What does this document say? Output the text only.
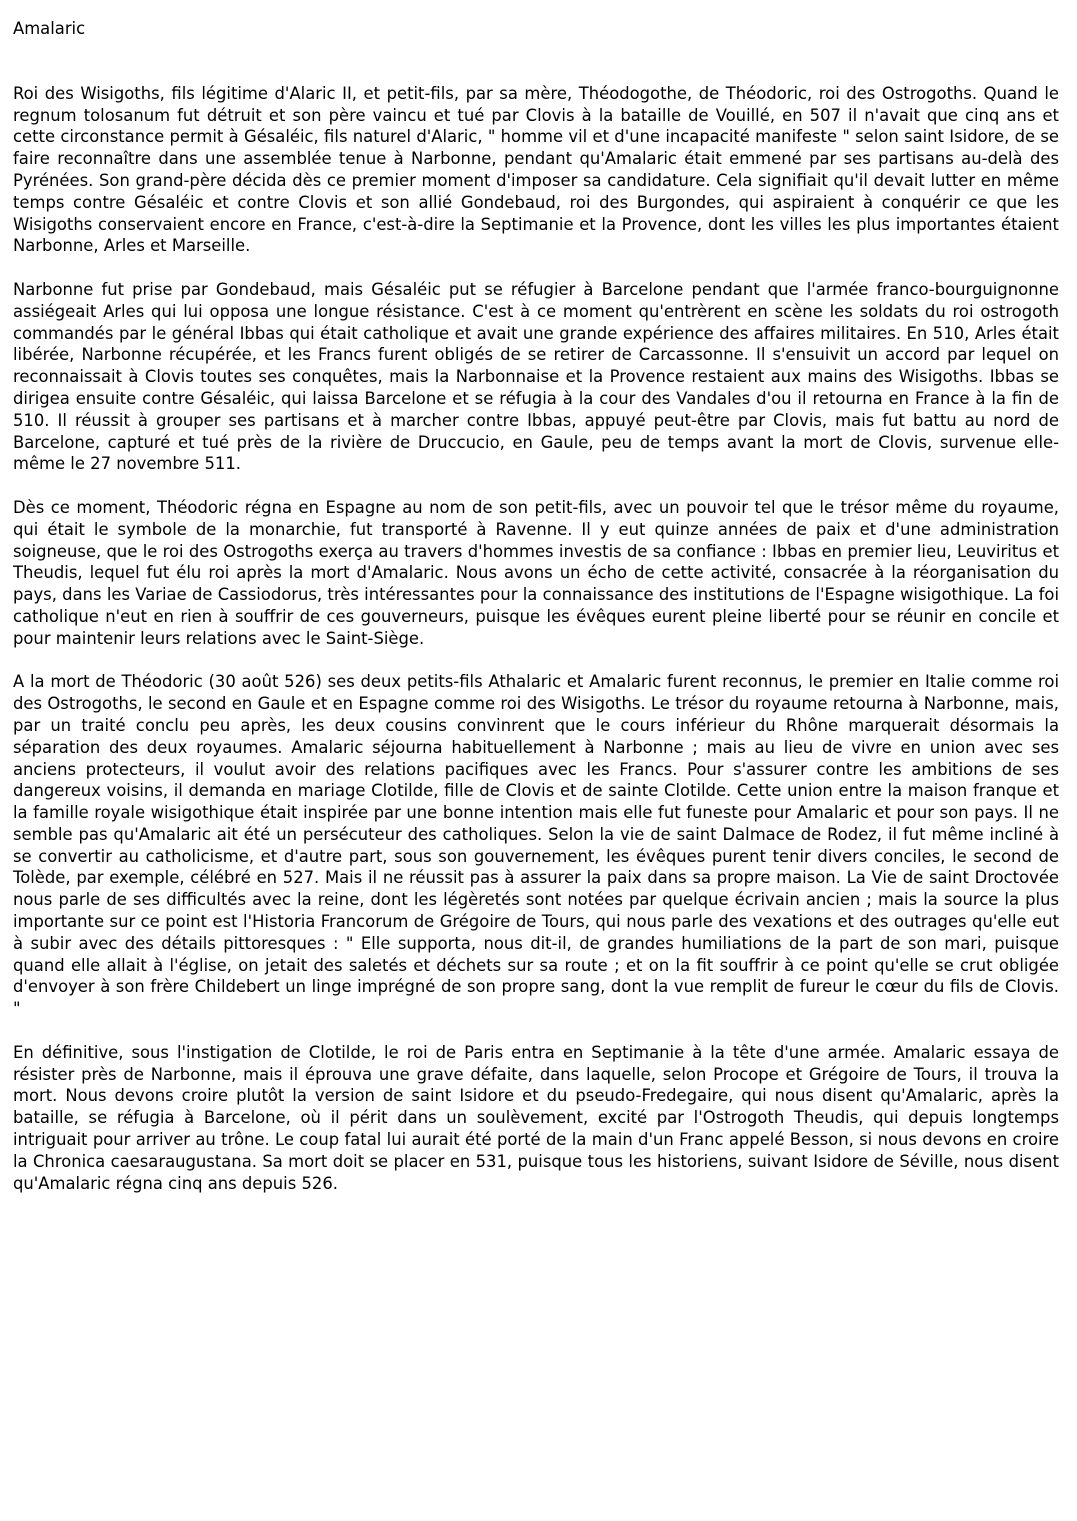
Amalaric

Roi des Wisigoths, fils légitime d'Alaric II, et petit-fils, par sa mère, Théodogothe, de Théodoric, roi des Ostrogoths. Quand le regnum tolosanum fut détruit et son père vaincu et tué par Clovis à la bataille de Vouillé, en 507 il n'avait que cinq ans et cette circonstance permit à Gésaléic, fils naturel d'Alaric, " homme vil et d'une incapacité manifeste " selon saint Isidore, de se faire reconnaître dans une assemblée tenue à Narbonne, pendant qu'Amalaric était emmené par ses partisans au-delà des Pyrénées. Son grand-père décida dès ce premier moment d'imposer sa candidature. Cela signifiait qu'il devait lutter en même temps contre Gésaléic et contre Clovis et son allié Gondebaud, roi des Burgondes, qui aspiraient à conquérir ce que les Wisigoths conservaient encore en France, c'est-à-dire la Septimanie et la Provence, dont les villes les plus importantes étaient Narbonne, Arles et Marseille.

Narbonne fut prise par Gondebaud, mais Gésaléic put se réfugier à Barcelone pendant que l'armée franco-bourguignonne assiégeait Arles qui lui opposa une longue résistance. C'est à ce moment qu'entrèrent en scène les soldats du roi ostrogoth commandés par le général Ibbas qui était catholique et avait une grande expérience des affaires militaires. En 510, Arles était libérée, Narbonne récupérée, et les Francs furent obligés de se retirer de Carcassonne. Il s'ensuivit un accord par lequel on reconnaissait à Clovis toutes ses conquêtes, mais la Narbonnaise et la Provence restaient aux mains des Wisigoths. Ibbas se dirigea ensuite contre Gésaléic, qui laissa Barcelone et se réfugia à la cour des Vandales d'ou il retourna en France à la fin de 510. Il réussit à grouper ses partisans et à marcher contre Ibbas, appuyé peut-être par Clovis, mais fut battu au nord de Barcelone, capturé et tué près de la rivière de Druccucio, en Gaule, peu de temps avant la mort de Clovis, survenue elle-même le 27 novembre 511.

Dès ce moment, Théodoric régna en Espagne au nom de son petit-fils, avec un pouvoir tel que le trésor même du royaume, qui était le symbole de la monarchie, fut transporté à Ravenne. Il y eut quinze années de paix et d'une administration soigneuse, que le roi des Ostrogoths exerça au travers d'hommes investis de sa confiance : Ibbas en premier lieu, Leuviritus et Theudis, lequel fut élu roi après la mort d'Amalaric. Nous avons un écho de cette activité, consacrée à la réorganisation du pays, dans les Variae de Cassiodorus, très intéressantes pour la connaissance des institutions de l'Espagne wisigothique. La foi catholique n'eut en rien à souffrir de ces gouverneurs, puisque les évêques eurent pleine liberté pour se réunir en concile et pour maintenir leurs relations avec le Saint-Siège.

A la mort de Théodoric (30 août 526) ses deux petits-fils Athalaric et Amalaric furent reconnus, le premier en Italie comme roi des Ostrogoths, le second en Gaule et en Espagne comme roi des Wisigoths. Le trésor du royaume retourna à Narbonne, mais, par un traité conclu peu après, les deux cousins convinrent que le cours inférieur du Rhône marquerait désormais la séparation des deux royaumes. Amalaric séjourna habituellement à Narbonne ; mais au lieu de vivre en union avec ses anciens protecteurs, il voulut avoir des relations pacifiques avec les Francs. Pour s'assurer contre les ambitions de ses dangereux voisins, il demanda en mariage Clotilde, fille de Clovis et de sainte Clotilde. Cette union entre la maison franque et la famille royale wisigothique était inspirée par une bonne intention mais elle fut funeste pour Amalaric et pour son pays. Il ne semble pas qu'Amalaric ait été un persécuteur des catholiques. Selon la vie de saint Dalmace de Rodez, il fut même incliné à se convertir au catholicisme, et d'autre part, sous son gouvernement, les évêques purent tenir divers conciles, le second de Tolède, par exemple, célébré en 527. Mais il ne réussit pas à assurer la paix dans sa propre maison. La Vie de saint Droctovée nous parle de ses difficultés avec la reine, dont les légèretés sont notées par quelque écrivain ancien ; mais la source la plus importante sur ce point est l'Historia Francorum de Grégoire de Tours, qui nous parle des vexations et des outrages qu'elle eut à subir avec des détails pittoresques : " Elle supporta, nous dit-il, de grandes humiliations de la part de son mari, puisque quand elle allait à l'église, on jetait des saletés et déchets sur sa route ; et on la fit souffrir à ce point qu'elle se crut obligée d'envoyer à son frère Childebert un linge imprégné de son propre sang, dont la vue remplit de fureur le cœur du fils de Clovis. "

En définitive, sous l'instigation de Clotilde, le roi de Paris entra en Septimanie à la tête d'une armée. Amalaric essaya de résister près de Narbonne, mais il éprouva une grave défaite, dans laquelle, selon Procope et Grégoire de Tours, il trouva la mort. Nous devons croire plutôt la version de saint Isidore et du pseudo-Fredegaire, qui nous disent qu'Amalaric, après la bataille, se réfugia à Barcelone, où il périt dans un soulèvement, excité par l'Ostrogoth Theudis, qui depuis longtemps intriguait pour arriver au trône. Le coup fatal lui aurait été porté de la main d'un Franc appelé Besson, si nous devons en croire la Chronica caesaraugustana. Sa mort doit se placer en 531, puisque tous les historiens, suivant Isidore de Séville, nous disent qu'Amalaric régna cinq ans depuis 526.
